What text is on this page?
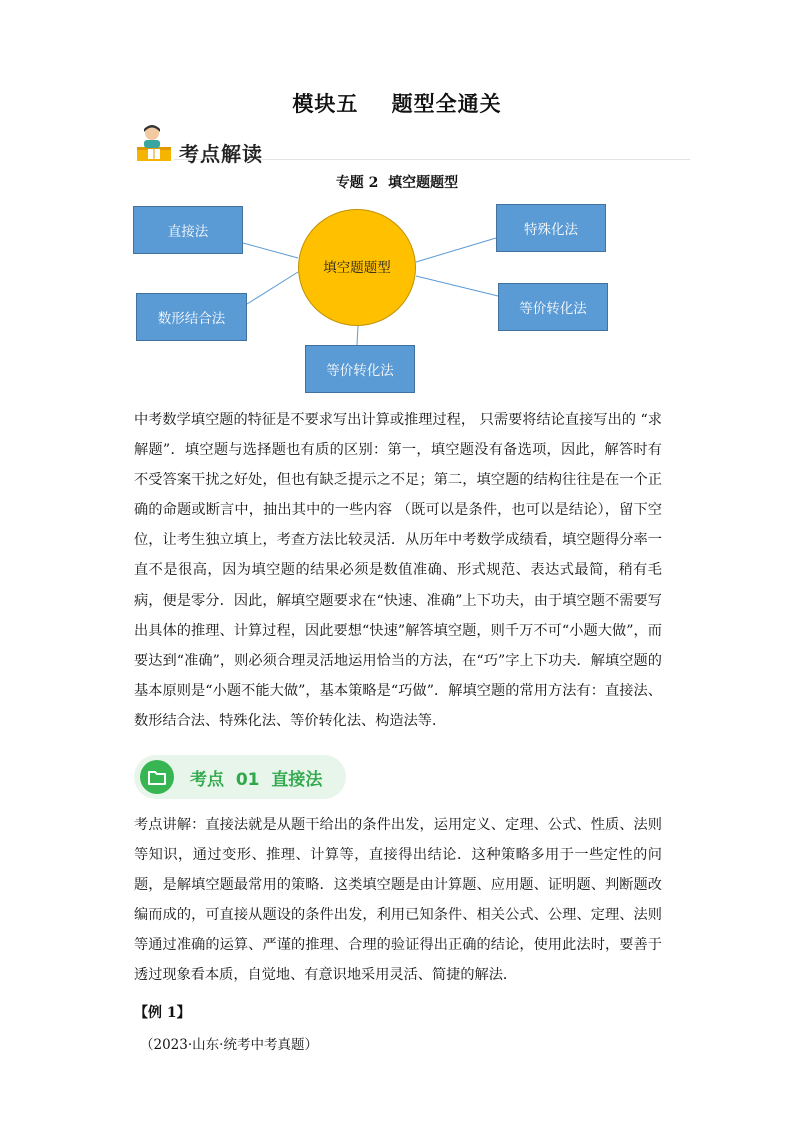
模块五    题型全通关
考点解读
专题 2  填空题题型
填空题题型
直接法
数形结合法
等价转化法
特殊化法
等价转化法

中考数学填空题的特征是不要求写出计算或推理过程， 只需要将结论直接写出的 “求解题”．填空题与选择题也有质的区别：第一，填空题没有备选项，因此，解答时有不受答案干扰之好处，但也有缺乏提示之不足；第二，填空题的结构往往是在一个正确的命题或断言中，抽出其中的一些内容 （既可以是条件，也可以是结论），留下空位，让考生独立填上，考查方法比较灵活．从历年中考数学成绩看，填空题得分率一直不是很高，因为填空题的结果必须是数值准确、形式规范、表达式最简，稍有毛病，便是零分．因此，解填空题要求在“快速、准确”上下功夫，由于填空题不需要写出具体的推理、计算过程，因此要想“快速”解答填空题，则千万不可“小题大做”，而要达到“准确”，则必须合理灵活地运用恰当的方法，在“巧”字上下功夫．解填空题的基本原则是“小题不能大做”，基本策略是“巧做”．解填空题的常用方法有：直接法、数形结合法、特殊化法、等价转化法、构造法等．

考点  01  直接法

考点讲解：直接法就是从题干给出的条件出发，运用定义、定理、公式、性质、法则等知识，通过变形、推理、计算等，直接得出结论．这种策略多用于一些定性的问题，是解填空题最常用的策略．这类填空题是由计算题、应用题、证明题、判断题改编而成的，可直接从题设的条件出发，利用已知条件、相关公式、公理、定理、法则等通过准确的运算、严谨的推理、合理的验证得出正确的结论，使用此法时，要善于透过现象看本质，自觉地、有意识地采用灵活、简捷的解法．

【例 1】
（2023·山东·统考中考真题）
